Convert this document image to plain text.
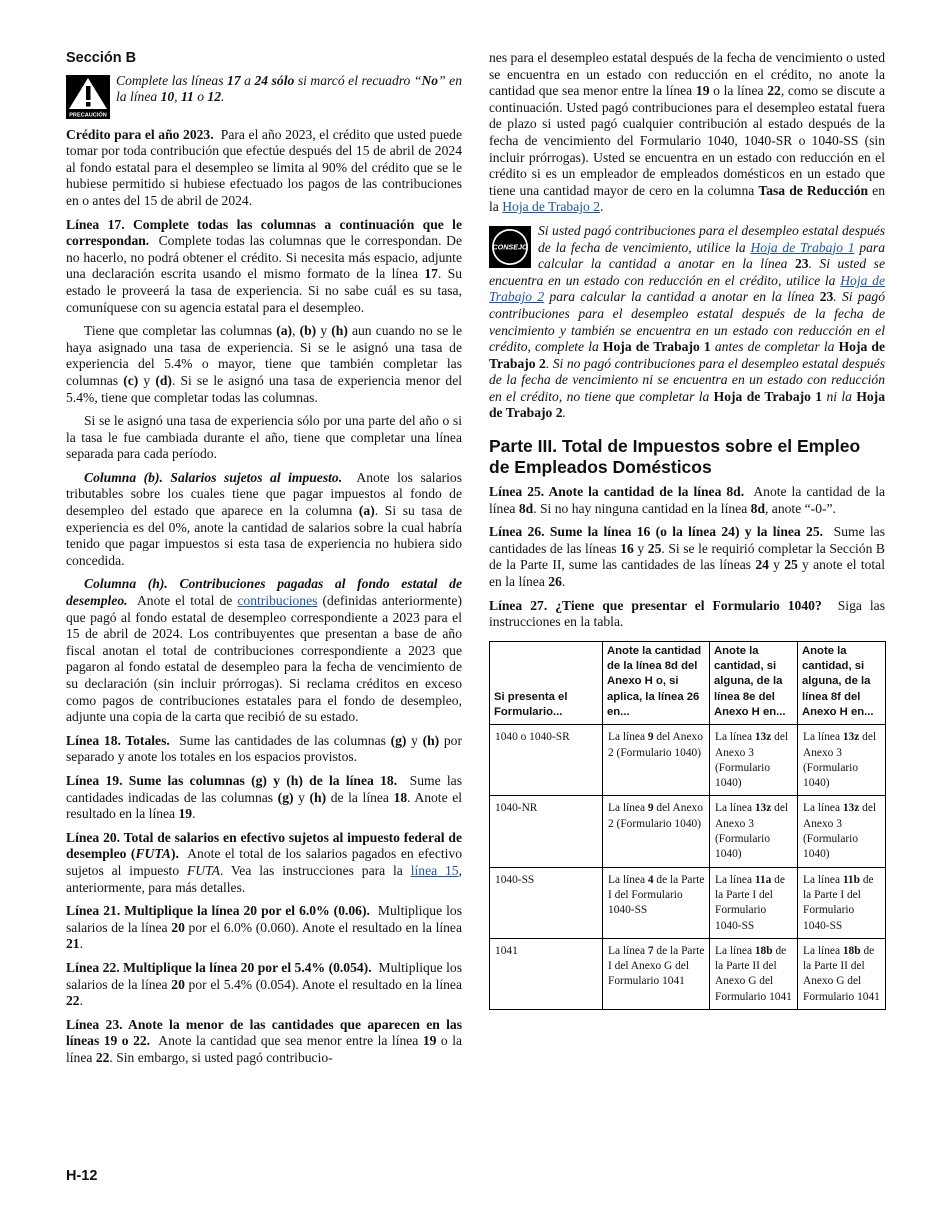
Sección B
PRECAUCIÓN
Complete las líneas 17 a 24 sólo si marcó el recuadro “No” en la línea 10, 11 o 12.

Crédito para el año 2023.  Para el año 2023, el crédito que usted puede tomar por toda contribución que efectúe después del 15 de abril de 2024 al fondo estatal para el desempleo se limita al 90% del crédito que se le hubiese permitido si hubiese efectuado los pagos de las contribuciones en o antes del 15 de abril de 2024.

Línea 17. Complete todas las columnas a continuación que le correspondan.  Complete todas las columnas que le correspondan. De no hacerlo, no podrá obtener el crédito. Si necesita más espacio, adjunte una declaración escrita usando el mismo formato de la línea 17. Su estado le proveerá la tasa de experiencia. Si no sabe cuál es su tasa, comuníquese con su agencia estatal para el desempleo.

Tiene que completar las columnas (a), (b) y (h) aun cuando no se le haya asignado una tasa de experiencia. Si se le asignó una tasa de experiencia del 5.4% o mayor, tiene que también completar las columnas (c) y (d). Si se le asignó una tasa de experiencia menor del 5.4%, tiene que completar todas las columnas.

Si se le asignó una tasa de experiencia sólo por una parte del año o si la tasa le fue cambiada durante el año, tiene que completar una línea separada para cada período.

Columna (b). Salarios sujetos al impuesto.  Anote los salarios tributables sobre los cuales tiene que pagar impuestos al fondo de desempleo del estado que aparece en la columna (a). Si su tasa de experiencia es del 0%, anote la cantidad de salarios sobre la cual habría tenido que pagar impuestos si esta tasa de experiencia no hubiera sido concedida.

Columna (h). Contribuciones pagadas al fondo estatal de desempleo.  Anote el total de contribuciones (definidas anteriormente) que pagó al fondo estatal de desempleo correspondiente a 2023 para el 15 de abril de 2024. Los contribuyentes que presentan a base de año fiscal anotan el total de contribuciones correspondiente a 2023 que pagaron al fondo estatal de desempleo para la fecha de vencimiento de su declaración (sin incluir prórrogas). Si reclama créditos en exceso como pagos de contribuciones estatales para el fondo de desempleo, adjunte una copia de la carta que recibió de su estado.

Línea 18. Totales.  Sume las cantidades de las columnas (g) y (h) por separado y anote los totales en los espacios provistos.

Línea 19. Sume las columnas (g) y (h) de la línea 18.  Sume las cantidades indicadas de las columnas (g) y (h) de la línea 18. Anote el resultado en la línea 19.

Línea 20. Total de salarios en efectivo sujetos al impuesto federal de desempleo (FUTA).  Anote el total de los salarios pagados en efectivo sujetos al impuesto FUTA. Vea las instrucciones para la línea 15, anteriormente, para más detalles.

Línea 21. Multiplique la línea 20 por el 6.0% (0.06).  Multiplique los salarios de la línea 20 por el 6.0% (0.060). Anote el resultado en la línea 21.

Línea 22. Multiplique la línea 20 por el 5.4% (0.054).  Multiplique los salarios de la línea 20 por el 5.4% (0.054). Anote el resultado en la línea 22.

Línea 23. Anote la menor de las cantidades que aparecen en las líneas 19 o 22.  Anote la cantidad que sea menor entre la línea 19 o la línea 22. Sin embargo, si usted pagó contribucio-

nes para el desempleo estatal después de la fecha de vencimiento o usted se encuentra en un estado con reducción en el crédito, no anote la cantidad que sea menor entre la línea 19 o la línea 22, como se discute a continuación. Usted pagó contribuciones para el desempleo estatal fuera de plazo si usted pagó cualquier contribución al estado después de la fecha de vencimiento del Formulario 1040, 1040-SR o 1040-SS (sin incluir prórrogas). Usted se encuentra en un estado con reducción en el crédito si es un empleador de empleados domésticos en un estado que tiene una cantidad mayor de cero en la columna Tasa de Reducción en la Hoja de Trabajo 2.

CONSEJO
Si usted pagó contribuciones para el desempleo estatal después de la fecha de vencimiento, utilice la Hoja de Trabajo 1 para calcular la cantidad a anotar en la línea 23. Si usted se encuentra en un estado con reducción en el crédito, utilice la Hoja de Trabajo 2 para calcular la cantidad a anotar en la línea 23. Si pagó contribuciones para el desempleo estatal después de la fecha de vencimiento y también se encuentra en un estado con reducción en el crédito, complete la Hoja de Trabajo 1 antes de completar la Hoja de Trabajo 2. Si no pagó contribuciones para el desempleo estatal después de la fecha de vencimiento ni se encuentra en un estado con reducción en el crédito, no tiene que completar la Hoja de Trabajo 1 ni la Hoja de Trabajo 2.
Parte III. Total de Impuestos sobre el Empleo de Empleados Domésticos

Línea 25. Anote la cantidad de la línea 8d.  Anote la cantidad de la línea 8d. Si no hay ninguna cantidad en la línea 8d, anote “-0-”.

Línea 26. Sume la línea 16 (o la línea 24) y la línea 25.  Sume las cantidades de las líneas 16 y 25. Si se le requirió completar la Sección B de la Parte II, sume las cantidades de las líneas 24 y 25 y anote el total en la línea 26.

Línea 27. ¿Tiene que presentar el Formulario 1040?  Siga las instrucciones en la tabla.

Si presenta el Formulario...	Anote la cantidad de la línea 8d del Anexo H o, si aplica, la línea 26 en...	Anote la cantidad, si alguna, de la línea 8e del Anexo H en...	Anote la cantidad, si alguna, de la línea 8f del Anexo H en...
1040 o 1040-SR	La línea 9 del Anexo 2 (Formulario 1040)	La línea 13z del Anexo 3 (Formulario 1040)	La línea 13z del Anexo 3 (Formulario 1040)
1040-NR	La línea 9 del Anexo 2 (Formulario 1040)	La línea 13z del Anexo 3 (Formulario 1040)	La línea 13z del Anexo 3 (Formulario 1040)
1040-SS	La línea 4 de la Parte I del Formulario 1040-SS	La línea 11a de la Parte I del Formulario 1040-SS	La línea 11b de la Parte I del Formulario 1040-SS
1041	La línea 7 de la Parte I del Anexo G del Formulario 1041	La línea 18b de la Parte II del Anexo G del Formulario 1041	La línea 18b de la Parte II del Anexo G del Formulario 1041
H-12
